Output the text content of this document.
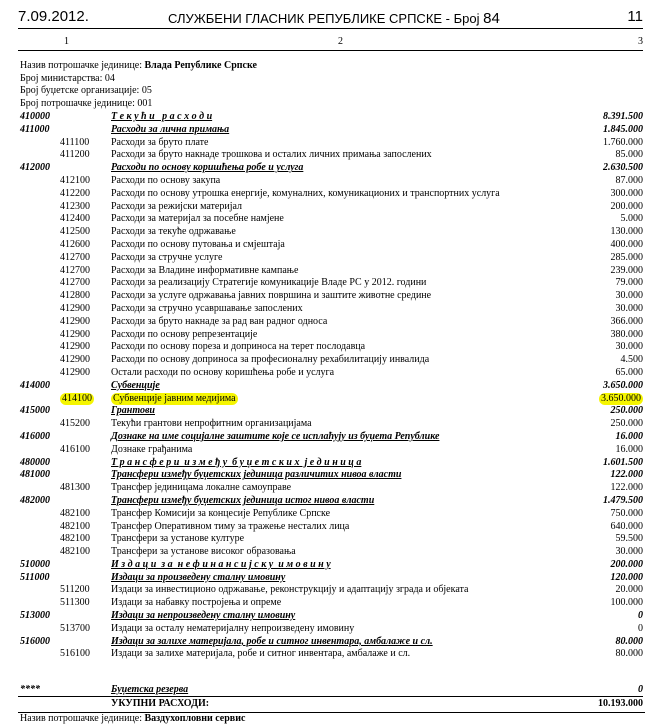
7.09.2012.	СЛУЖБЕНИ ГЛАСНИК РЕПУБЛИКЕ СРПСКЕ - Број 84	11
1	2	3
Назив потрошачке јединице: Влада Републике Српске
Број министарства: 04
Број буџетске организације: 05
Број потрошачке јединице: 001
410000	Т е к у ћ и   р а с х о д и	8.391.500
411000	Расходи за лична примања	1.845.000
411100 Расходи за бруто плате	1.760.000
411200 Расходи за бруто накнаде трошкова и осталих личних примања запослених	85.000
412000	Расходи по основу коришћења робе и услуга	2.630.500
412100 Расходи по основу закупа	87.000
412200 Расходи по основу утрошка енергије, комуналних, комуникационих и транспортних услуга	300.000
412300 Расходи за режијски материјал	200.000
412400 Расходи за материјал за посебне намјене	5.000
412500 Расходи за текуће одржавање	130.000
412600 Расходи по основу путовања и смјештаја	400.000
412700 Расходи за стручне услуге	285.000
412700 Расходи за Владине информативне кампање	239.000
412700 Расходи за реализацију Стратегије комуникације Владе РС у 2012. години	79.000
412800 Расходи за услуге одржавања јавних површина и заштите животне средине	30.000
412900 Расходи за стручно усавршавање запослених	30.000
412900 Расходи за бруто накнаде за рад ван радног односа	366.000
412900 Расходи по основу репрезентације	380.000
412900 Расходи по основу пореза и доприноса на терет послодавца	30.000
412900 Расходи по основу доприноса за професионалну рехабилитацију инвалида	4.500
412900 Остали расходи по основу коришћења робе и услуга	65.000
414000	Субвенције	3.650.000
414100 Субвенције јавним медијима	3.650.000
415000	Грантови	250.000
415200 Текући грантови непрофитним организацијама	250.000
416000	Дознаке на име социјалне заштите које се исплаћују из буџета Републике	16.000
416100 Дознаке грађанима	16.000
480000	Т р а н с ф е р и  и з м е ђ у  б у џ е т с к и х  ј е д и н и ц а	1.601.500
481000	Трансфери између буџетских јединица различитих нивоа власти	122.000
481300 Трансфер јединицама локалне самоуправе	122.000
482000	Трансфери између буџетских јединица истог нивоа власти	1.479.500
482100 Трансфер Комисији за концесије Републике Српске	750.000
482100 Трансфер Оперативном тиму за тражење несталих лица	640.000
482100 Трансфери за установе културе	59.500
482100 Трансфери за установе високог образовања	30.000
510000	И з д а ц и  з а  н е ф и н а н с и ј с к у  и м о в и н у	200.000
511000	Издаци за произведену сталну имовину	120.000
511200 Издаци за инвестиционо одржавање, реконструкцију и адаптацију зграда и објеката	20.000
511300 Издаци за набавку постројења и опреме	100.000
513000	Издаци за непроизведену сталну имовину	0
513700 Издаци за осталу нематеријалну непроизведену имовину	0
516000	Издаци за залихе материјала, робе и ситног инвентара, амбалаже и сл.	80.000
516100 Издаци за залихе материјала, робе и ситног инвентара, амбалаже и сл.	80.000
****	Буџетска резерва	0
УКУПНИ РАСХОДИ:	10.193.000
Назив потрошачке јединице: Ваздухопловни сервис
